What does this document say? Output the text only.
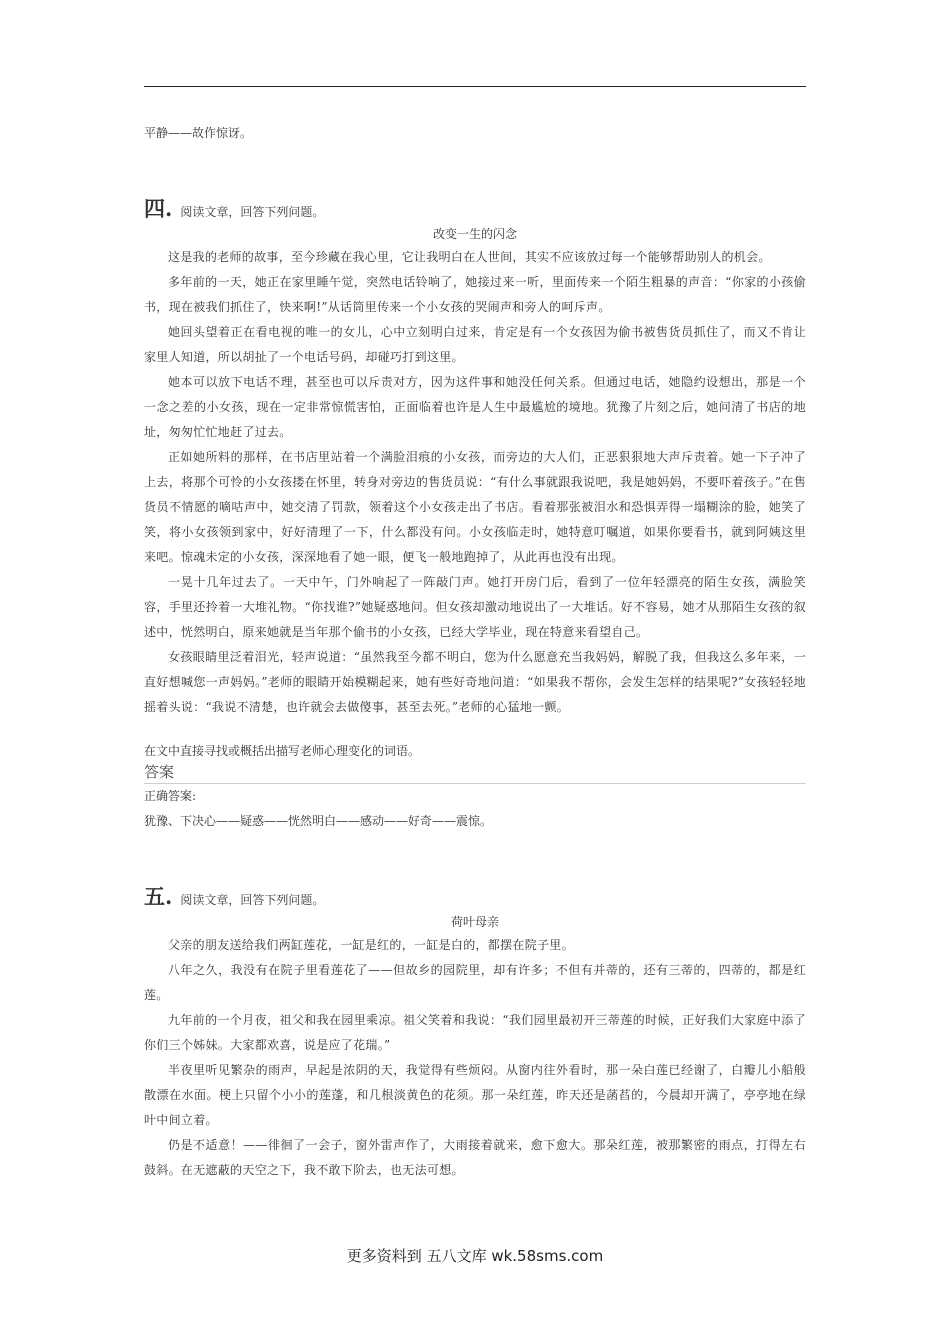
平静——故作惊讶。

四. 阅读文章，回答下列问题。
改变一生的闪念

这是我的老师的故事，至今珍藏在我心里，它让我明白在人世间，其实不应该放过每一个能够帮助别人的机会。

多年前的一天，她正在家里睡午觉，突然电话铃响了，她接过来一听，里面传来一个陌生粗暴的声音：“你家的小孩偷书，现在被我们抓住了，快来啊!”从话筒里传来一个小女孩的哭闹声和旁人的呵斥声。

她回头望着正在看电视的唯一的女儿，心中立刻明白过来，肯定是有一个女孩因为偷书被售货员抓住了，而又不肯让家里人知道，所以胡扯了一个电话号码，却碰巧打到这里。

她本可以放下电话不理，甚至也可以斥责对方，因为这件事和她没任何关系。但通过电话，她隐约设想出，那是一个一念之差的小女孩，现在一定非常惊慌害怕，正面临着也许是人生中最尴尬的境地。犹豫了片刻之后，她问清了书店的地址，匆匆忙忙地赶了过去。

正如她所料的那样，在书店里站着一个满脸泪痕的小女孩，而旁边的大人们，正恶狠狠地大声斥责着。她一下子冲了上去，将那个可怜的小女孩搂在怀里，转身对旁边的售货员说：“有什么事就跟我说吧，我是她妈妈，不要吓着孩子。”在售货员不情愿的嘀咕声中，她交清了罚款，领着这个小女孩走出了书店。看着那张被泪水和恐惧弄得一塌糊涂的脸，她笑了笑，将小女孩领到家中，好好清理了一下，什么都没有问。小女孩临走时，她特意叮嘱道，如果你要看书，就到阿姨这里来吧。惊魂未定的小女孩，深深地看了她一眼，便飞一般地跑掉了，从此再也没有出现。

一晃十几年过去了。一天中午，门外响起了一阵敲门声。她打开房门后，看到了一位年轻漂亮的陌生女孩，满脸笑容，手里还拎着一大堆礼物。“你找谁?”她疑惑地问。但女孩却激动地说出了一大堆话。好不容易，她才从那陌生女孩的叙述中，恍然明白，原来她就是当年那个偷书的小女孩，已经大学毕业，现在特意来看望自己。

女孩眼睛里泛着泪光，轻声说道：“虽然我至今都不明白，您为什么愿意充当我妈妈，解脱了我，但我这么多年来，一直好想喊您一声妈妈。”老师的眼睛开始模糊起来，她有些好奇地问道：“如果我不帮你，会发生怎样的结果呢?”女孩轻轻地摇着头说：“我说不清楚，也许就会去做傻事，甚至去死。”老师的心猛地一颤。

在文中直接寻找或概括出描写老师心理变化的词语。

答案

正确答案:

犹豫、下决心——疑惑——恍然明白——感动——好奇——震惊。

五. 阅读文章，回答下列问题。
荷叶母亲

父亲的朋友送给我们两缸莲花，一缸是红的，一缸是白的，都摆在院子里。

八年之久，我没有在院子里看莲花了——但故乡的园院里，却有许多；不但有并蒂的，还有三蒂的，四蒂的，都是红莲。

九年前的一个月夜，祖父和我在园里乘凉。祖父笑着和我说：“我们园里最初开三蒂莲的时候，正好我们大家庭中添了你们三个姊妹。大家都欢喜，说是应了花瑞。”

半夜里听见繁杂的雨声，早起是浓阴的天，我觉得有些烦闷。从窗内往外看时，那一朵白莲已经谢了，白瓣儿小船般散漂在水面。梗上只留个小小的莲蓬，和几根淡黄色的花须。那一朵红莲，昨天还是菡萏的，今晨却开满了，亭亭地在绿叶中间立着。

仍是不适意！——徘徊了一会子，窗外雷声作了，大雨接着就来，愈下愈大。那朵红莲，被那繁密的雨点，打得左右鼓斜。在无遮蔽的天空之下，我不敢下阶去，也无法可想。

更多资料到 五八文库 wk.58sms.com
